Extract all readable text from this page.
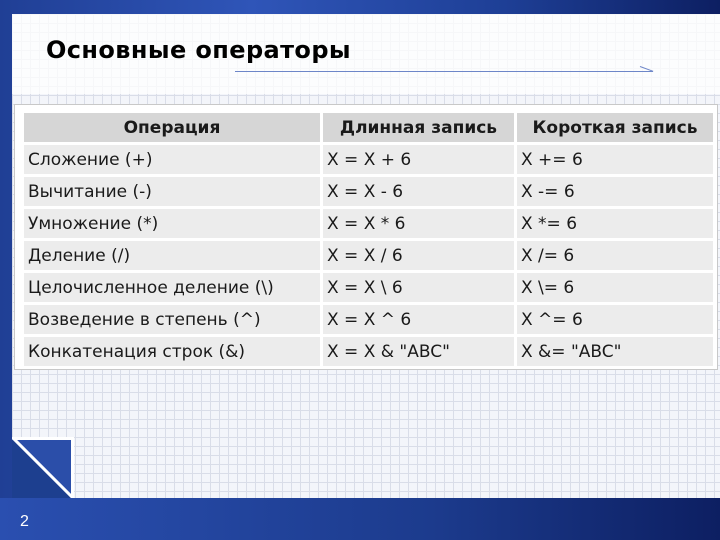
Основные операторы
Операция	Длинная запись	Короткая запись
Сложение (+)	X = X + 6	X += 6
Вычитание (-)	X = X - 6	X -= 6
Умножение (*)	X = X * 6	X *= 6
Деление (/)	X = X / 6	X /= 6
Целочисленное деление (\)	X = X \ 6	X \= 6
Возведение в степень (^)	X = X ^ 6	X ^= 6
Конкатенация строк (&)	X = X & "ABC"	X &= "ABC"
2
